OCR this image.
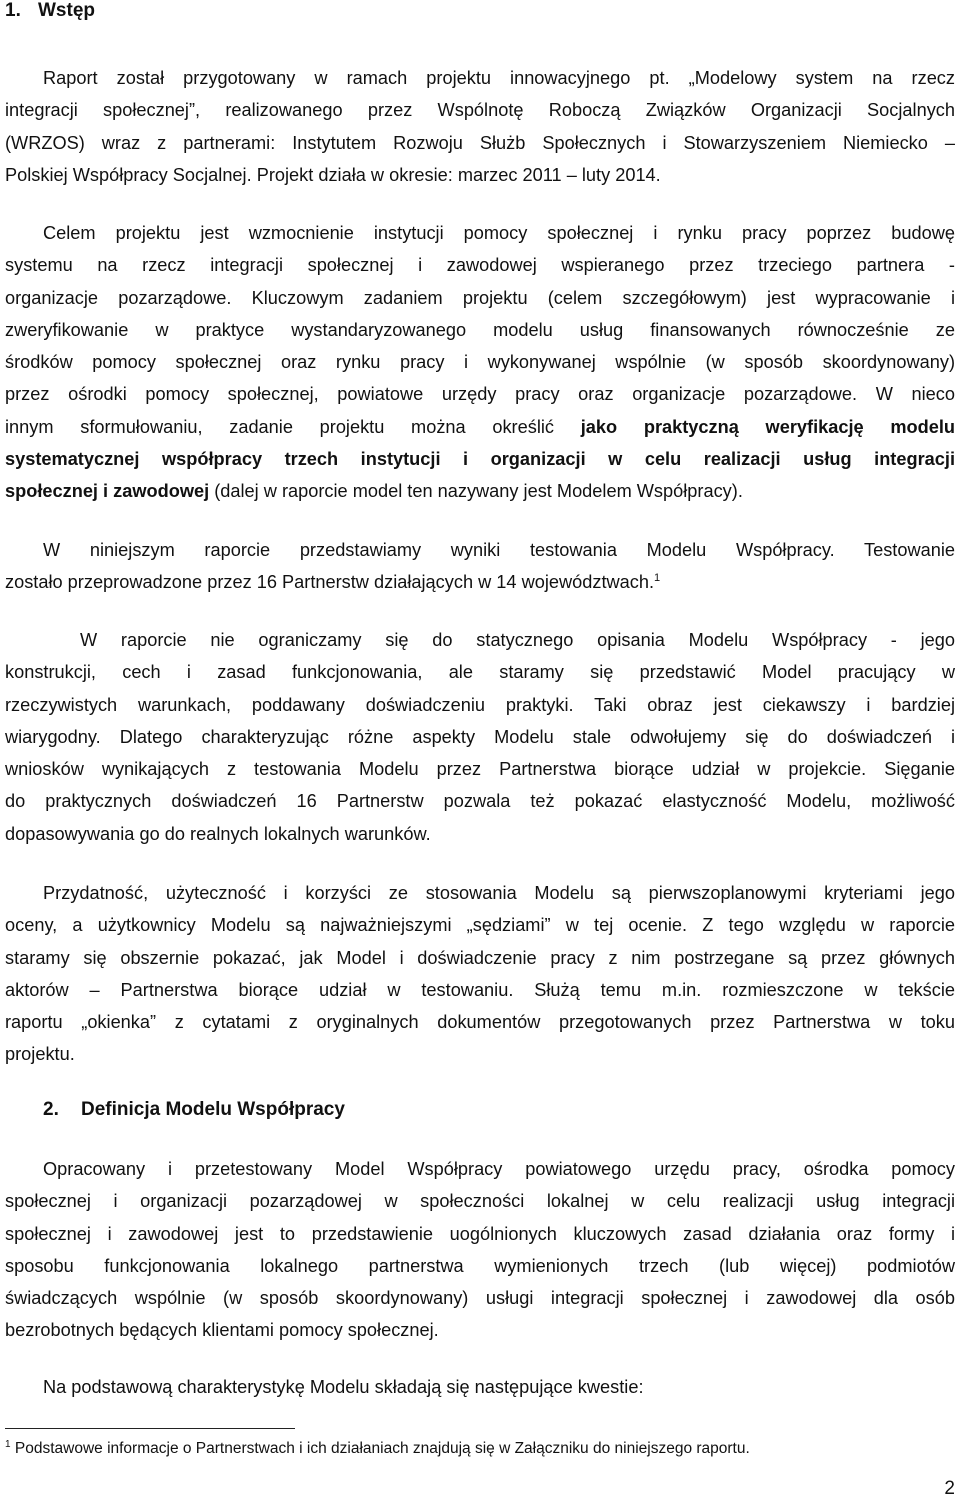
1. Wstęp
Raport został przygotowany w ramach projektu innowacyjnego pt. „Modelowy system na rzecz
integracji społecznej”, realizowanego przez Wspólnotę Roboczą Związków Organizacji Socjalnych
(WRZOS) wraz z partnerami: Instytutem Rozwoju Służb Społecznych i Stowarzyszeniem Niemiecko –
Polskiej Współpracy Socjalnej. Projekt działa w okresie: marzec 2011 – luty 2014.
Celem projektu jest wzmocnienie instytucji pomocy społecznej i rynku pracy poprzez budowę
systemu na rzecz integracji społecznej i zawodowej wspieranego przez trzeciego partnera -
organizacje pozarządowe. Kluczowym zadaniem projektu (celem szczegółowym) jest wypracowanie i
zweryfikowanie w praktyce wystandaryzowanego modelu usług finansowanych równocześnie ze
środków pomocy społecznej oraz rynku pracy i wykonywanej wspólnie (w sposób skoordynowany)
przez ośrodki pomocy społecznej, powiatowe urzędy pracy oraz organizacje pozarządowe. W nieco
innym sformułowaniu, zadanie projektu można określić jako praktyczną weryfikację modelu
systematycznej współpracy trzech instytucji i organizacji w celu realizacji usług integracji
społecznej i zawodowej (dalej w raporcie model ten nazywany jest Modelem Współpracy).
W niniejszym raporcie przedstawiamy wyniki testowania Modelu Współpracy. Testowanie
zostało przeprowadzone przez 16 Partnerstw działających w 14 województwach.$^1$
W raporcie nie ograniczamy się do statycznego opisania Modelu Współpracy - jego
konstrukcji, cech i zasad funkcjonowania, ale staramy się przedstawić Model pracujący w
rzeczywistych warunkach, poddawany doświadczeniu praktyki. Taki obraz jest ciekawszy i bardziej
wiarygodny. Dlatego charakteryzując różne aspekty Modelu stale odwołujemy się do doświadczeń i
wniosków wynikających z testowania Modelu przez Partnerstwa biorące udział w projekcie. Sięganie
do praktycznych doświadczeń 16 Partnerstw pozwala też pokazać elastyczność Modelu, możliwość
dopasowywania go do realnych lokalnych warunków.
Przydatność, użyteczność i korzyści ze stosowania Modelu są pierwszoplanowymi kryteriami jego
oceny, a użytkownicy Modelu są najważniejszymi „sędziami” w tej ocenie. Z tego względu w raporcie
staramy się obszernie pokazać, jak Model i doświadczenie pracy z nim postrzegane są przez głównych
aktorów – Partnerstwa biorące udział w testowaniu. Służą temu m.in. rozmieszczone w tekście
raportu „okienka” z cytatami z oryginalnych dokumentów przegotowanych przez Partnerstwa w toku
projektu.
2. Definicja Modelu Współpracy
Opracowany i przetestowany Model Współpracy powiatowego urzędu pracy, ośrodka pomocy
społecznej i organizacji pozarządowej w społeczności lokalnej w celu realizacji usług integracji
społecznej i zawodowej jest to przedstawienie uogólnionych kluczowych zasad działania oraz formy i
sposobu funkcjonowania lokalnego partnerstwa wymienionych trzech (lub więcej) podmiotów
świadczących wspólnie (w sposób skoordynowany) usługi integracji społecznej i zawodowej dla osób
bezrobotnych będących klientami pomocy społecznej.
Na podstawową charakterystykę Modelu składają się następujące kwestie:
$^1$ Podstawowe informacje o Partnerstwach i ich działaniach znajdują się w Załączniku do niniejszego raportu.
2
